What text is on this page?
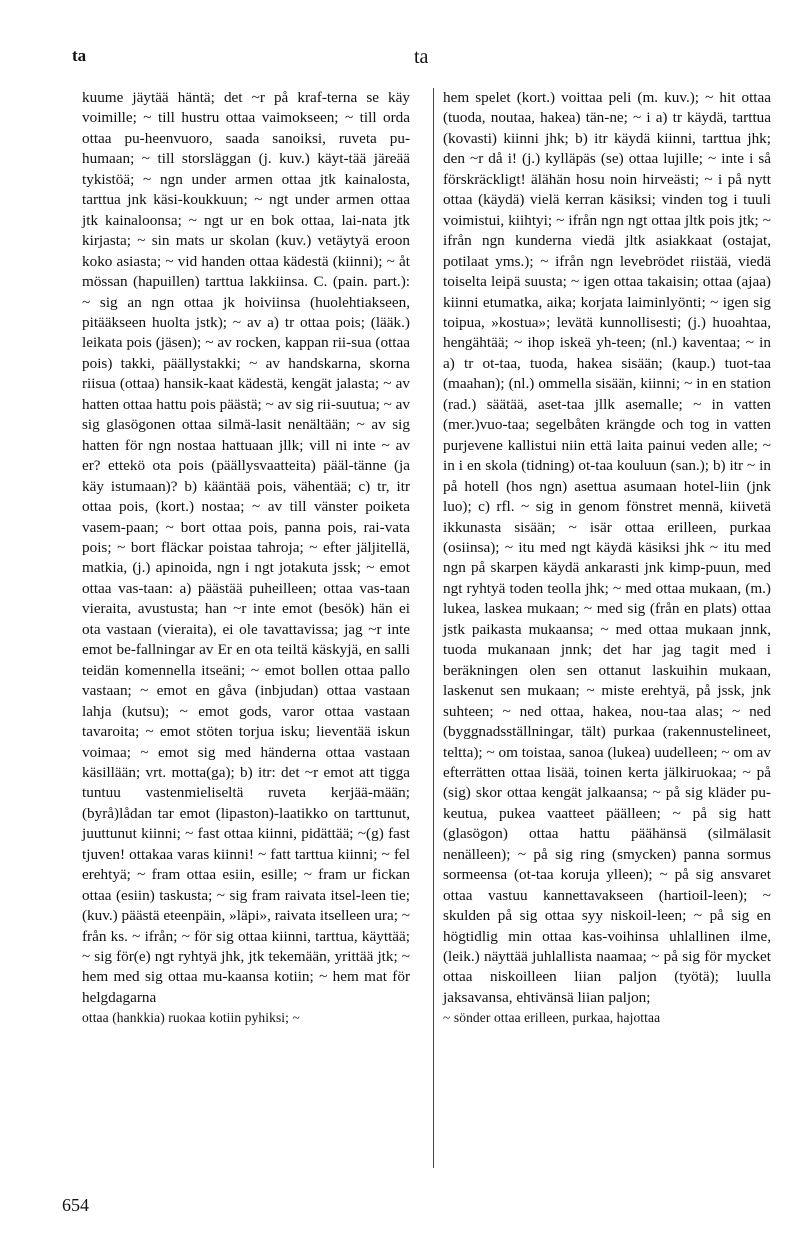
ta	ta

kuume jäytää häntä; det ~r på kraf-terna se käy voimille; ~ till hustru ottaa vaimokseen; ~ till orda ottaa pu-heenvuoro, saada sanoiksi, ruveta pu-humaan; ~ till storsläggan (j. kuv.) käyt-tää järeää tykistöä; ~ ngn under armen ottaa jtk kainalosta, tarttua jnk käsi-koukkuun; ~ ngt under armen ottaa jtk kainaloonsa; ~ ngt ur en bok ottaa, lai-nata jtk kirjasta; ~ sin mats ur skolan (kuv.) vetäytyä eroon koko asiasta; ~ vid handen ottaa kädestä (kiinni); ~ åt mössan (hapuillen) tarttua lakkiinsa. C. (pain. part.): ~ sig an ngn ottaa jk hoiviinsa (huolehtiakseen, pitääkseen huolta jstk); ~ av a) tr ottaa pois; (lääk.) leikata pois (jäsen); ~ av rocken, kappan rii-sua (ottaa pois) takki, päällystakki; ~ av handskarna, skorna riisua (ottaa) hansik-kaat kädestä, kengät jalasta; ~ av hatten ottaa hattu pois päästä; ~ av sig rii-suutua; ~ av sig glasögonen ottaa silmä-lasit nenältään; ~ av sig hatten för ngn nostaa hattuaan jllk; vill ni inte ~ av er? ettekö ota pois (päällysvaatteita) pääl-tänne (ja käy istumaan)? b) kääntää pois, vähentää; c) tr, itr ottaa pois, (kort.) nostaa; ~ av till vänster poiketa vasem-paan; ~ bort ottaa pois, panna pois, rai-vata pois; ~ bort fläckar poistaa tahroja; ~ efter jäljitellä, matkia, (j.) apinoida, ngn i ngt jotakuta jssk; ~ emot ottaa vas-taan: a) päästää puheilleen; ottaa vas-taan vieraita, avustusta; han ~r inte emot (besök) hän ei ota vastaan (vieraita), ei ole tavattavissa; jag ~r inte emot be-fallningar av Er en ota teiltä käskyjä, en salli teidän komennella itseäni; ~ emot bollen ottaa pallo vastaan; ~ emot en gåva (inbjudan) ottaa vastaan lahja (kutsu); ~ emot gods, varor ottaa vastaan tavaroita; ~ emot stöten torjua isku; lieventää iskun voimaa; ~ emot sig med händerna ottaa vastaan käsillään; vrt. motta(ga); b) itr: det ~r emot att tigga tuntuu vastenmieliseltä ruveta kerjää-mään; (byrå)lådan tar emot (lipaston)-laatikko on tarttunut, juuttunut kiinni; ~ fast ottaa kiinni, pidättää; ~(g) fast tjuven! ottakaa varas kiinni! ~ fatt tarttua kiinni; ~ fel erehtyä; ~ fram ottaa esiin, esille; ~ fram ur fickan ottaa (esiin) taskusta; ~ sig fram raivata itsel-leen tie; (kuv.) päästä eteenpäin, »läpi», raivata itselleen ura; ~ från ks. ~ ifrån; ~ för sig ottaa kiinni, tarttua, käyttää; ~ sig för(e) ngt ryhtyä jhk, jtk tekemään, yrittää jtk; ~ hem med sig ottaa mu-kaansa kotiin; ~ hem mat för helgdagarna

ottaa (hankkia) ruokaa kotiin pyhiksi; ~

hem spelet (kort.) voittaa peli (m. kuv.); ~ hit ottaa (tuoda, noutaa, hakea) tän-ne; ~ i a) tr käydä, tarttua (kovasti) kiinni jhk; b) itr käydä kiinni, tarttua jhk; den ~r då i! (j.) kylläpäs (se) ottaa lujille; ~ inte i så förskräckligt! älähän hosu noin hirveästi; ~ i på nytt ottaa (käydä) vielä kerran käsiksi; vinden tog i tuuli voimistui, kiihtyi; ~ ifrån ngn ngt ottaa jltk pois jtk; ~ ifrån ngn kunderna viedä jltk asiakkaat (ostajat, potilaat yms.); ~ ifrån ngn levebrödet riistää, viedä toiselta leipä suusta; ~ igen ottaa takaisin; ottaa (ajaa) kiinni etumatka, aika; korjata laiminlyönti; ~ igen sig toipua, »kostua»; levätä kunnollisesti; (j.) huoahtaa, hengähtää; ~ ihop iskeä yh-teen; (nl.) kaventaa; ~ in a) tr ot-taa, tuoda, hakea sisään; (kaup.) tuot-taa (maahan); (nl.) ommella sisään, kiinni; ~ in en station (rad.) säätää, aset-taa jllk asemalle; ~ in vatten (mer.)vuo-taa; segelbåten krängde och tog in vatten purjevene kallistui niin että laita painui veden alle; ~ in i en skola (tidning) ot-taa kouluun (san.); b) itr ~ in på hotell (hos ngn) asettua asumaan hotel-liin (jnk luo); c) rfl. ~ sig in genom fönstret mennä, kiivetä ikkunasta sisään; ~ isär ottaa erilleen, purkaa (osiinsa); ~ itu med ngt käydä käsiksi jhk ~ itu med ngn på skarpen käydä ankarasti jnk kimp-puun, med ngt ryhtyä toden teolla jhk; ~ med ottaa mukaan, (m.) lukea, laskea mukaan; ~ med sig (från en plats) ottaa jstk paikasta mukaansa; ~ med ottaa mukaan jnnk, tuoda mukanaan jnnk; det har jag tagit med i beräkningen olen sen ottanut laskuihin mukaan, laskenut sen mukaan; ~ miste erehtyä, på jssk, jnk suhteen; ~ ned ottaa, hakea, nou-taa alas; ~ ned (byggnadsställningar, tält) purkaa (rakennustelineet, teltta); ~ om toistaa, sanoa (lukea) uudelleen; ~ om av efterrätten ottaa lisää, toinen kerta jälkiruokaa; ~ på (sig) skor ottaa kengät jalkaansa; ~ på sig kläder pu-keutua, pukea vaatteet päälleen; ~ på sig hatt (glasögon) ottaa hattu päähänsä (silmälasit nenälleen); ~ på sig ring (smycken) panna sormus sormeensa (ot-taa koruja ylleen); ~ på sig ansvaret ottaa vastuu kannettavakseen (hartioil-leen); ~ skulden på sig ottaa syy niskoil-leen; ~ på sig en högtidlig min ottaa kas-voihinsa uhlallinen ilme, (leik.) näyttää juhlallista naamaa; ~ på sig för mycket ottaa niskoilleen liian paljon (työtä); luulla jaksavansa, ehtivänsä liian paljon;

~ sönder ottaa erilleen, purkaa, hajottaa

654
